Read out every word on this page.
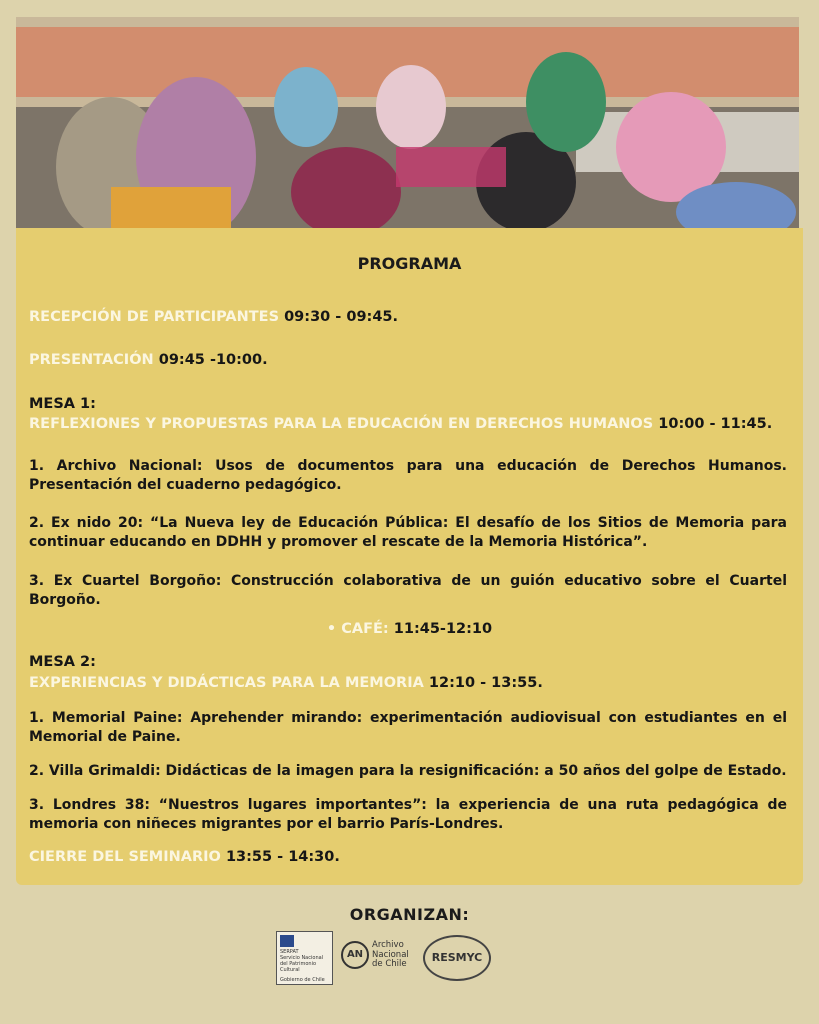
PROGRAMA
RECEPCIÓN DE PARTICIPANTES 09:30 - 09:45.
PRESENTACIÓN 09:45 -10:00.
MESA 1:
REFLEXIONES Y PROPUESTAS PARA LA EDUCACIÓN EN DERECHOS HUMANOS 10:00 - 11:45.
1. Archivo Nacional: Usos de documentos para una educación de Derechos Humanos. Presentación del cuaderno pedagógico.
2. Ex nido 20: “La Nueva ley de Educación Pública: El desafío de los Sitios de Memoria para continuar educando en DDHH y promover el rescate de la Memoria Histórica”.
3. Ex Cuartel Borgoño: Construcción colaborativa de un guión educativo sobre el Cuartel Borgoño.
• CAFÉ: 11:45-12:10
MESA 2:
EXPERIENCIAS Y DIDÁCTICAS PARA LA MEMORIA 12:10 - 13:55.
1. Memorial Paine: Aprehender mirando: experimentación audiovisual con estudiantes en el Memorial de Paine.
2. Villa Grimaldi: Didácticas de la imagen para la resignificación: a 50 años del golpe de Estado.
3. Londres 38: “Nuestros lugares importantes”: la experiencia de una ruta pedagógica de memoria con niñeces migrantes por el barrio París-Londres.
CIERRE DEL SEMINARIO 13:55 - 14:30.
ORGANIZAN:
SERPAT
Servicio Nacional del Patrimonio Cultural
Gobierno de Chile
AN
Archivo
Nacional
de Chile	RESMYC
